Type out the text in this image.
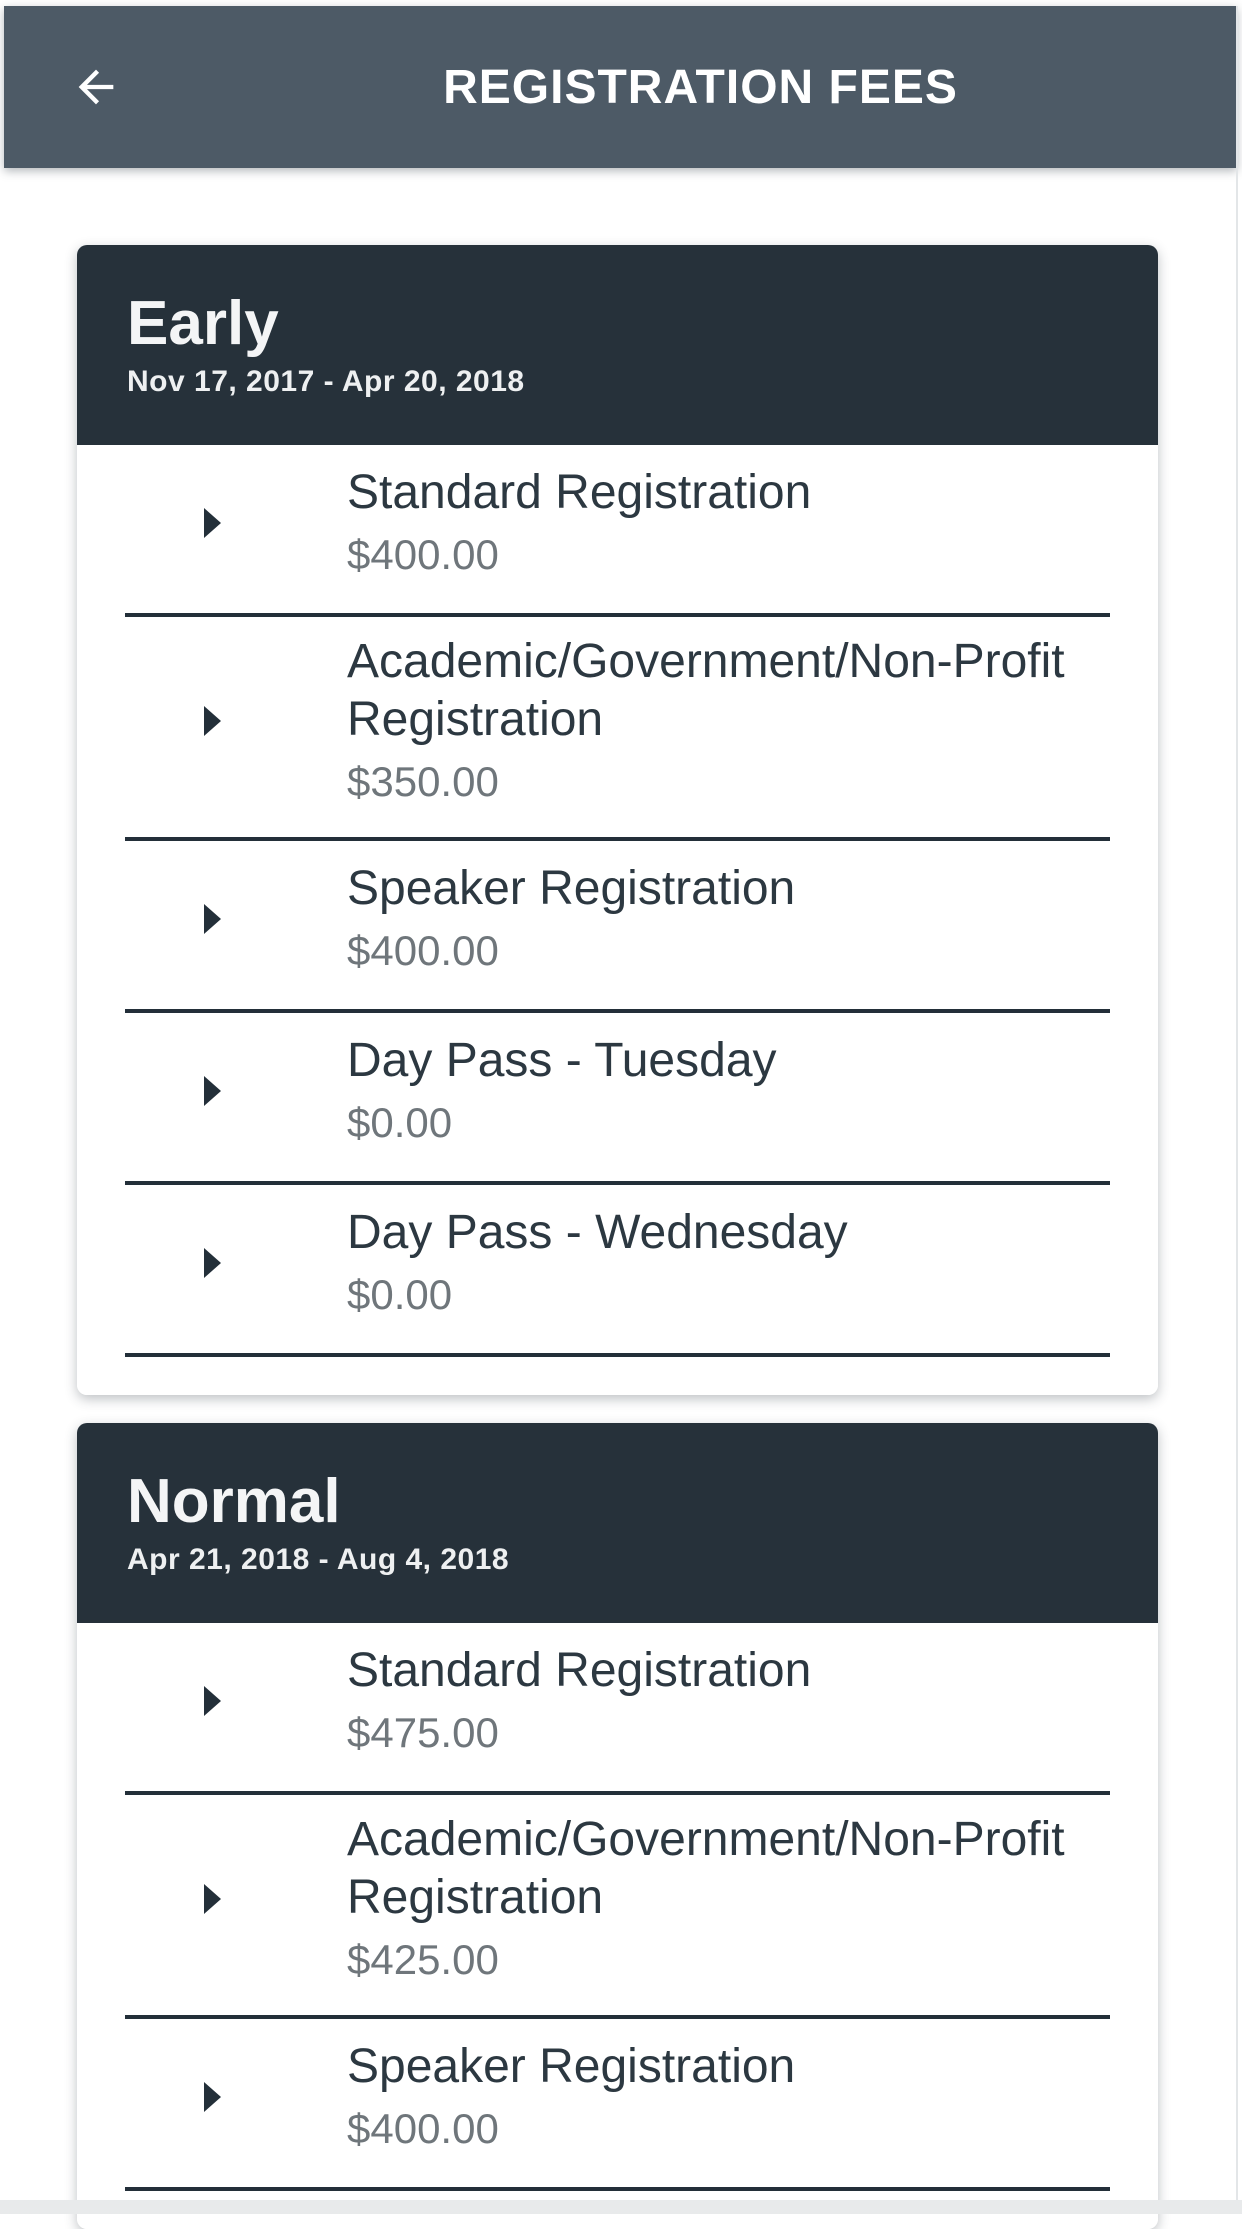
REGISTRATION FEES
Early
Nov 17, 2017 - Apr 20, 2018
Standard Registration
$400.00
Academic/Government/Non-Profit Registration
$350.00
Speaker Registration
$400.00
Day Pass - Tuesday
$0.00
Day Pass - Wednesday
$0.00
Normal
Apr 21, 2018 - Aug 4, 2018
Standard Registration
$475.00
Academic/Government/Non-Profit Registration
$425.00
Speaker Registration
$400.00
